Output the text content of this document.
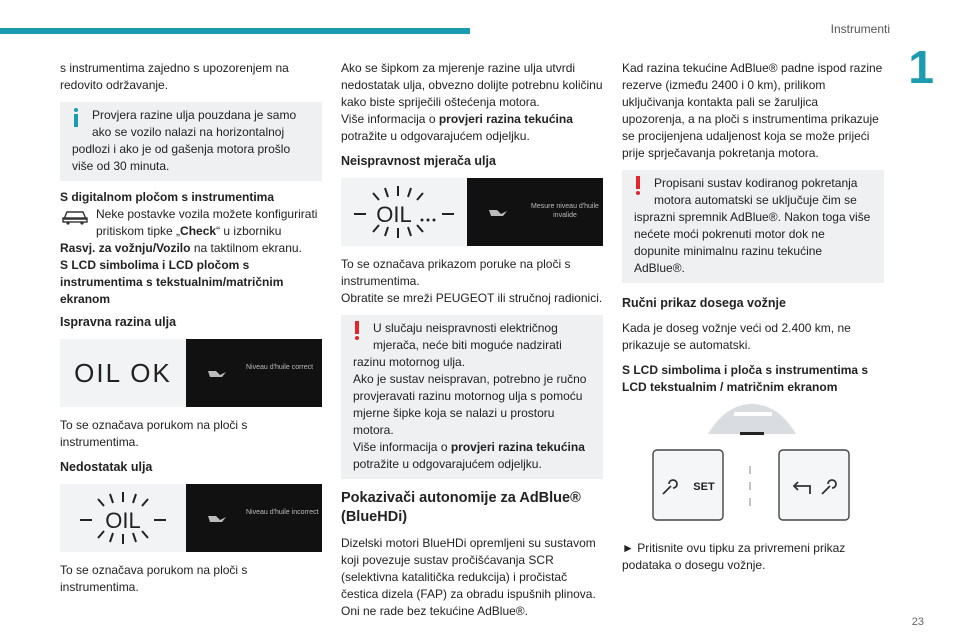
Instrumenti
1
23

s instrumentima zajedno s upozorenjem na redovito održavanje.

Provjera razine ulja pouzdana je samo ako se vozilo nalazi na horizontalnoj
podlozi i ako je od gašenja motora prošlo više od 30 minuta.
S digitalnom pločom s instrumentima
Neke postavke vozila možete konfigurirati pritiskom tipke „Check“ u izborniku
Rasvj. za vožnju/Vozilo na taktilnom ekranu.
S LCD simbolima i LCD pločom s instrumentima s tekstualnim/matričnim ekranom
Ispravna razina ulja
OIL OK	Niveau d'huile correct

To se označava porukom na ploči s instrumentima.

Nedostatak ulja
OIL	Niveau d'huile incorrect

To se označava porukom na ploči s instrumentima.

Ako se šipkom za mjerenje razine ulja utvrdi nedostatak ulja, obvezno dolijte potrebnu količinu kako biste spriječili oštećenja motora.
Više informacija o provjeri razina tekućina potražite u odgovarajućem odjeljku.

Neispravnost mjerača ulja
OIL	Mesure niveau d'huile invalide

To se označava prikazom poruke na ploči s instrumentima.
Obratite se mreži PEUGEOT ili stručnoj radionici.

U slučaju neispravnosti električnog mjerača, neće biti moguće nadzirati
razinu motornog ulja.
Ako je sustav neispravan, potrebno je ručno provjeravati razinu motornog ulja s pomoću mjerne šipke koja se nalazi u prostoru motora.
Više informacija o provjeri razina tekućina potražite u odgovarajućem odjeljku.
Pokazivači autonomije za AdBlue® (BlueHDi)

Dizelski motori BlueHDi opremljeni su sustavom koji povezuje sustav pročišćavanja SCR (selektivna katalitička redukcija) i pročistač čestica dizela (FAP) za obradu ispušnih plinova. Oni ne rade bez tekućine AdBlue®.

Kad razina tekućine AdBlue® padne ispod razine rezerve (između 2400 i 0 km), prilikom uključivanja kontakta pali se žaruljica upozorenja, a na ploči s instrumentima prikazuje se procijenjena udaljenost koja se može prijeći prije sprječavanja pokretanja motora.

Propisani sustav kodiranog pokretanja motora automatski se uključuje čim se
isprazni spremnik AdBlue®. Nakon toga više nećete moći pokrenuti motor dok ne dopunite minimalnu razinu tekućine AdBlue®.
Ručni prikaz dosega vožnje

Kada je doseg vožnje veći od 2.400 km, ne prikazuje se automatski.

S LCD simbolima i ploča s instrumentima s LCD tekstualnim / matričnim ekranom
SET

► Pritisnite ovu tipku za privremeni prikaz podataka o dosegu vožnje.
